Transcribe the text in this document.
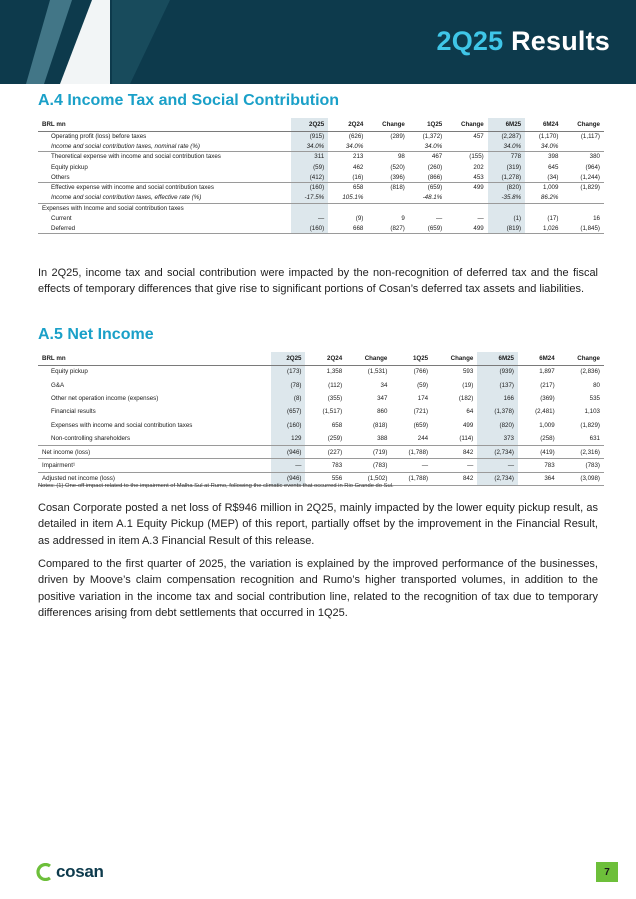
2Q25 Results
A.4 Income Tax and Social Contribution
BRL mn	2Q25	2Q24	Change	1Q25	Change	6M25	6M24	Change
Operating profit (loss) before taxes	(915)	(626)	(289)	(1,372)	457	(2,287)	(1,170)	(1,117)
Income and social contribution taxes, nominal rate (%)	34.0%	34.0%		34.0%		34.0%	34.0%	
Theoretical expense with income and social contribution taxes	311	213	98	467	(155)	778	398	380
Equity pickup	(59)	462	(520)	(260)	202	(319)	645	(964)
Others	(412)	(16)	(396)	(866)	453	(1,278)	(34)	(1,244)
Effective expense with income and social contribution taxes	(160)	658	(818)	(659)	499	(820)	1,009	(1,829)
Income and social contribution taxes, effective rate (%)	-17.5%	105.1%		-48.1%		-35.8%	86.2%	
Expenses with Income and social contribution taxes								
Current	—	(9)	9	—	—	(1)	(17)	16
Deferred	(160)	668	(827)	(659)	499	(819)	1,026	(1,845)
In 2Q25, income tax and social contribution were impacted by the non-recognition of deferred tax and the fiscal effects of temporary differences that give rise to significant portions of Cosan’s deferred tax assets and liabilities.
A.5 Net Income
BRL mn	2Q25	2Q24	Change	1Q25	Change	6M25	6M24	Change
Equity pickup	(173)	1,358	(1,531)	(766)	593	(939)	1,897	(2,836)
G&A	(78)	(112)	34	(59)	(19)	(137)	(217)	80
Other net operation income (expenses)	(8)	(355)	347	174	(182)	166	(369)	535
Financial results	(657)	(1,517)	860	(721)	64	(1,378)	(2,481)	1,103
Expenses with income and social contribution taxes	(160)	658	(818)	(659)	499	(820)	1,009	(1,829)
Non-controlling shareholders	129	(259)	388	244	(114)	373	(258)	631
Net income (loss)	(946)	(227)	(719)	(1,788)	842	(2,734)	(419)	(2,316)
Impairment¹	—	783	(783)	—	—	—	783	(783)
Adjusted net income (loss)	(946)	556	(1,502)	(1,788)	842	(2,734)	364	(3,098)
Notes: (1) One-off impact related to the impairment of Malha Sul at Rumo, following the climatic events that occurred in Rio Grande do Sul.
Cosan Corporate posted a net loss of R$946 million in 2Q25, mainly impacted by the lower equity pickup result, as detailed in item A.1 Equity Pickup (MEP) of this report, partially offset by the improvement in the Financial Result, as addressed in item A.3 Financial Result of this release.
Compared to the first quarter of 2025, the variation is explained by the improved performance of the businesses, driven by Moove’s claim compensation recognition and Rumo’s higher transported volumes, in addition to the positive variation in the income tax and social contribution line, related to the recognition of tax due to temporary differences arising from debt settlements that occurred in 1Q25.
cosan	7
